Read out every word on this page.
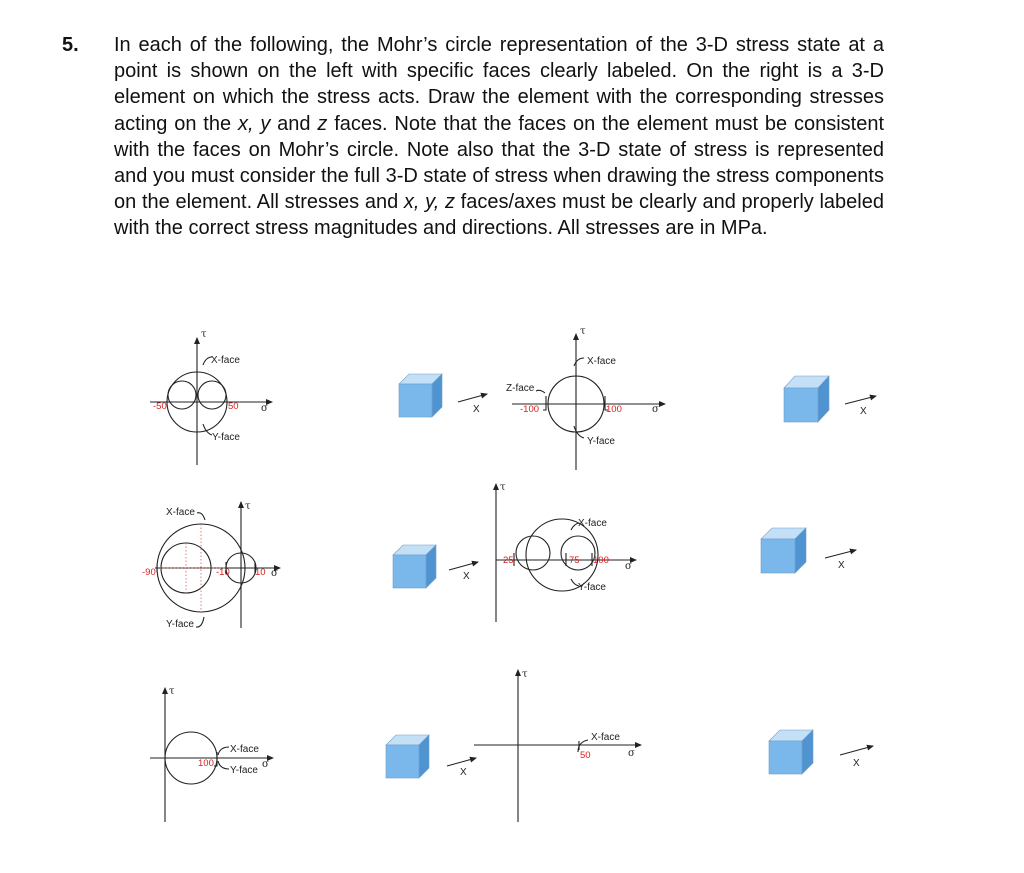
5. In each of the following, the Mohr’s circle representation of the 3-D stress state at a point is shown on the left with specific faces clearly labeled. On the right is a 3-D element on which the stress acts. Draw the element with the corresponding stresses acting on the x, y and z faces. Note that the faces on the element must be consistent with the faces on Mohr’s circle. Note also that the 3-D state of stress is represented and you must consider the full 3-D state of stress when drawing the stress components on the element. All stresses and x, y, z faces/axes must be clearly and properly labeled with the correct stress magnitudes and directions. All stresses are in MPa.
τ
X-face
Y-face
-50	50 σ	X
τ
X-face
Z-face
Y-face
-100	100	σ	X
τ
X-face
Y-face
-90	-10	10 σ	X
τ
X-face
Y-face
25	75 100
σ	X
τ
X-face
Y-face
100	σ
X
τ
X-face
50	σ
X
